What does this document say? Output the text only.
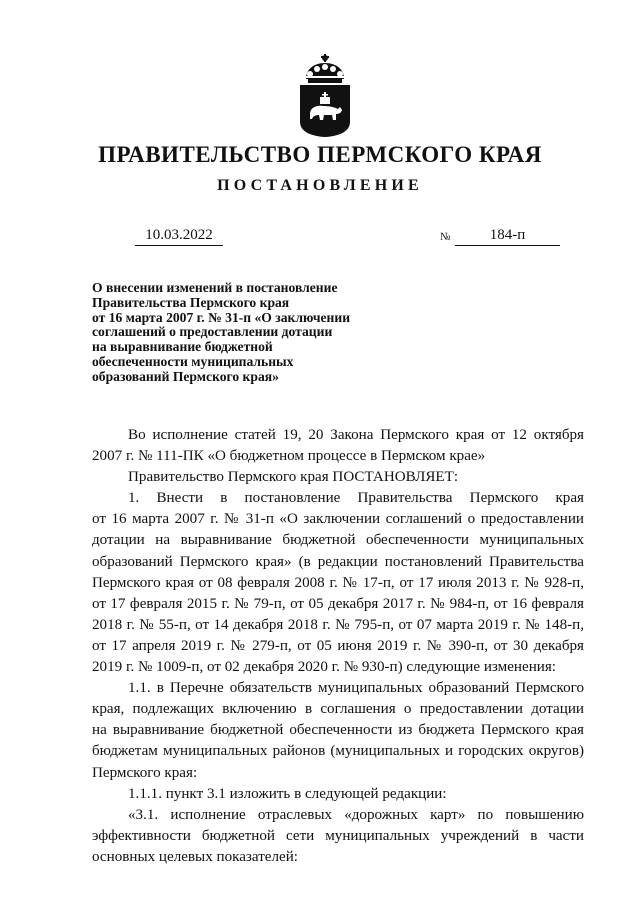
ПРАВИТЕЛЬСТВО ПЕРМСКОГО КРАЯ
ПОСТАНОВЛЕНИЕ
10.03.2022	№	184-п
О внесении изменений в постановление
Правительства Пермского края
от 16 марта 2007 г. № 31-п «О заключении
соглашений о предоставлении дотации
на выравнивание бюджетной
обеспеченности муниципальных
образований Пермского края»

Во исполнение статей 19, 20 Закона Пермского края от 12 октября
2007 г. № 111-ПК «О бюджетном процессе в Пермском крае»

Правительство Пермского края ПОСТАНОВЛЯЕТ:

1. Внести в постановление Правительства Пермского края
от 16 марта 2007 г. № 31-п «О заключении соглашений о предоставлении
дотации на выравнивание бюджетной обеспеченности муниципальных
образований Пермского края» (в редакции постановлений Правительства
Пермского края от 08 февраля 2008 г. № 17-п, от 17 июля 2013 г. № 928-п,
от 17 февраля 2015 г. № 79-п, от 05 декабря 2017 г. № 984-п, от 16 февраля
2018 г. № 55-п, от 14 декабря 2018 г. № 795-п, от 07 марта 2019 г. № 148-п,
от 17 апреля 2019 г. № 279-п, от 05 июня 2019 г. № 390-п, от 30 декабря
2019 г. № 1009-п, от 02 декабря 2020 г. № 930-п) следующие изменения:

1.1. в Перечне обязательств муниципальных образований Пермского
края, подлежащих включению в соглашения о предоставлении дотации
на выравнивание бюджетной обеспеченности из бюджета Пермского края
бюджетам муниципальных районов (муниципальных и городских округов)
Пермского края:

1.1.1. пункт 3.1 изложить в следующей редакции:

«3.1. исполнение отраслевых «дорожных карт» по повышению
эффективности бюджетной сети муниципальных учреждений в части
основных целевых показателей:
